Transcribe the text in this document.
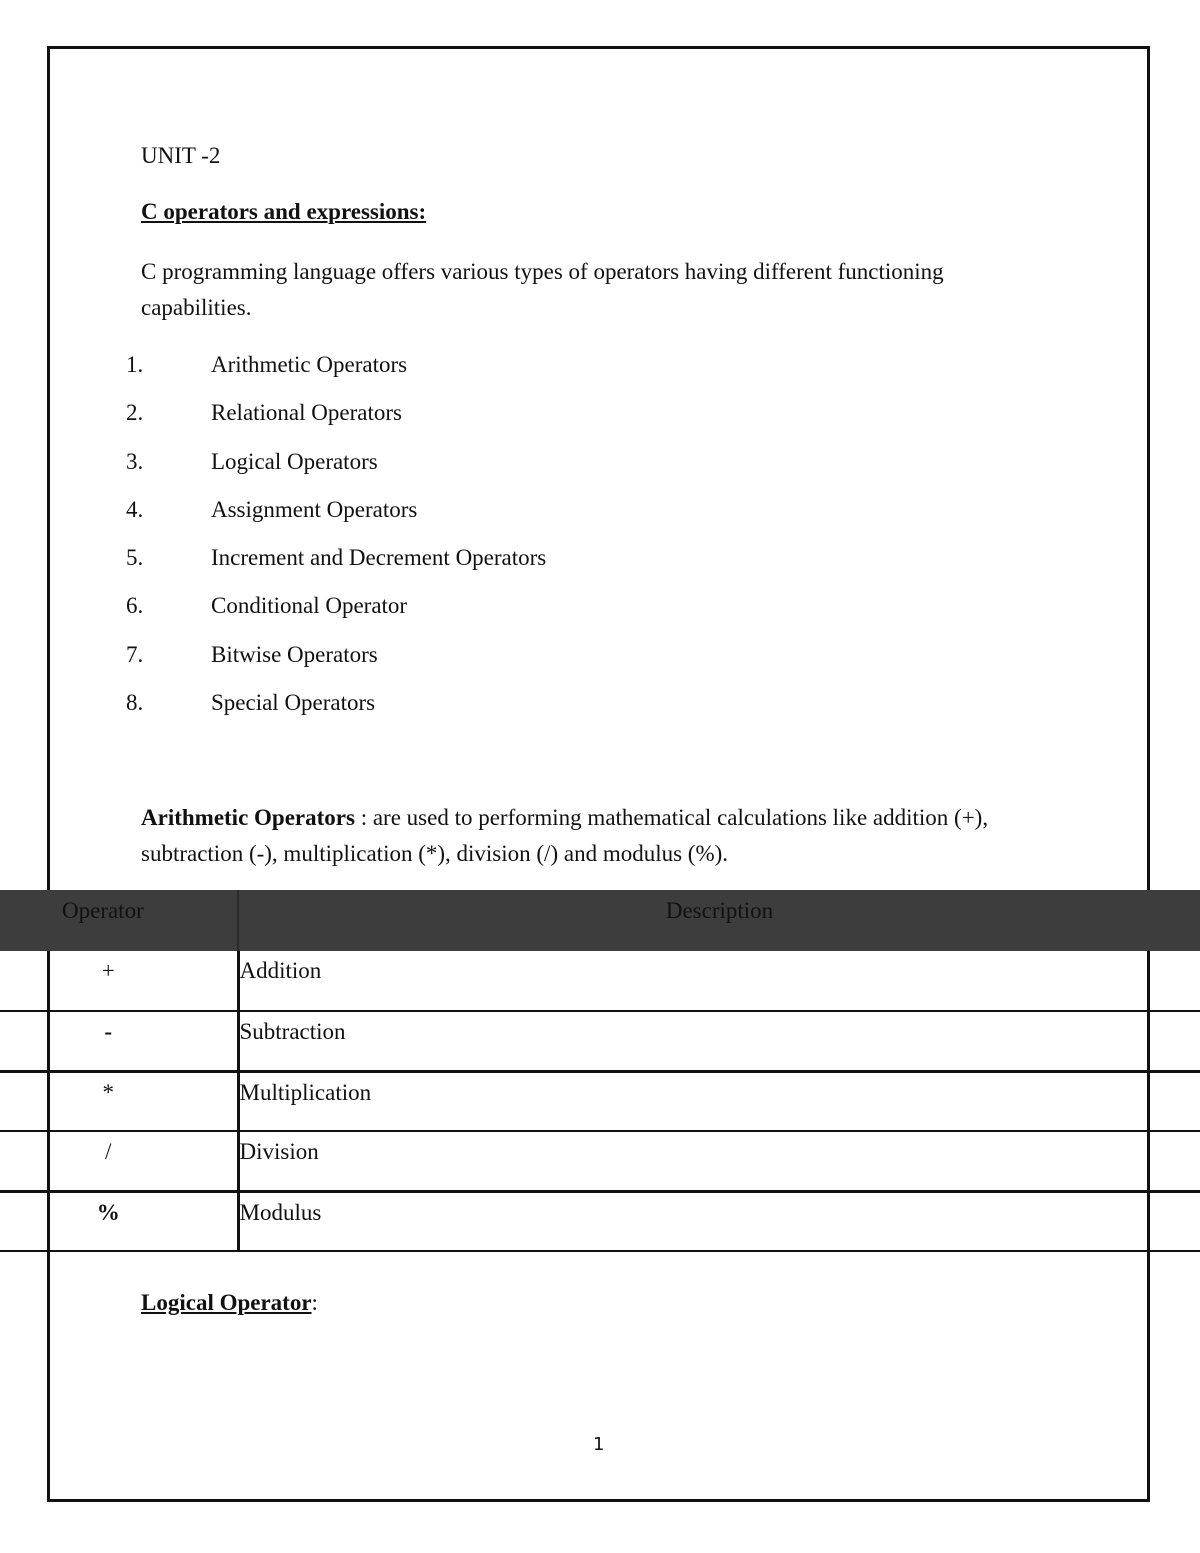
UNIT -2

C operators and expressions:

C programming language offers various types of operators having different functioning capabilities.

1.	Arithmetic Operators
2.	Relational Operators
3.	Logical Operators
4.	Assignment Operators
5.	Increment and Decrement Operators
6.	Conditional Operator
7.	Bitwise Operators
8.	Special Operators

Arithmetic Operators : are used to performing mathematical calculations like addition (+), subtraction (-), multiplication (*), division (/) and modulus (%).

Operator	Description
+	Addition
-	Subtraction
*	Multiplication
/	Division
%	Modulus

Logical Operator:

1
